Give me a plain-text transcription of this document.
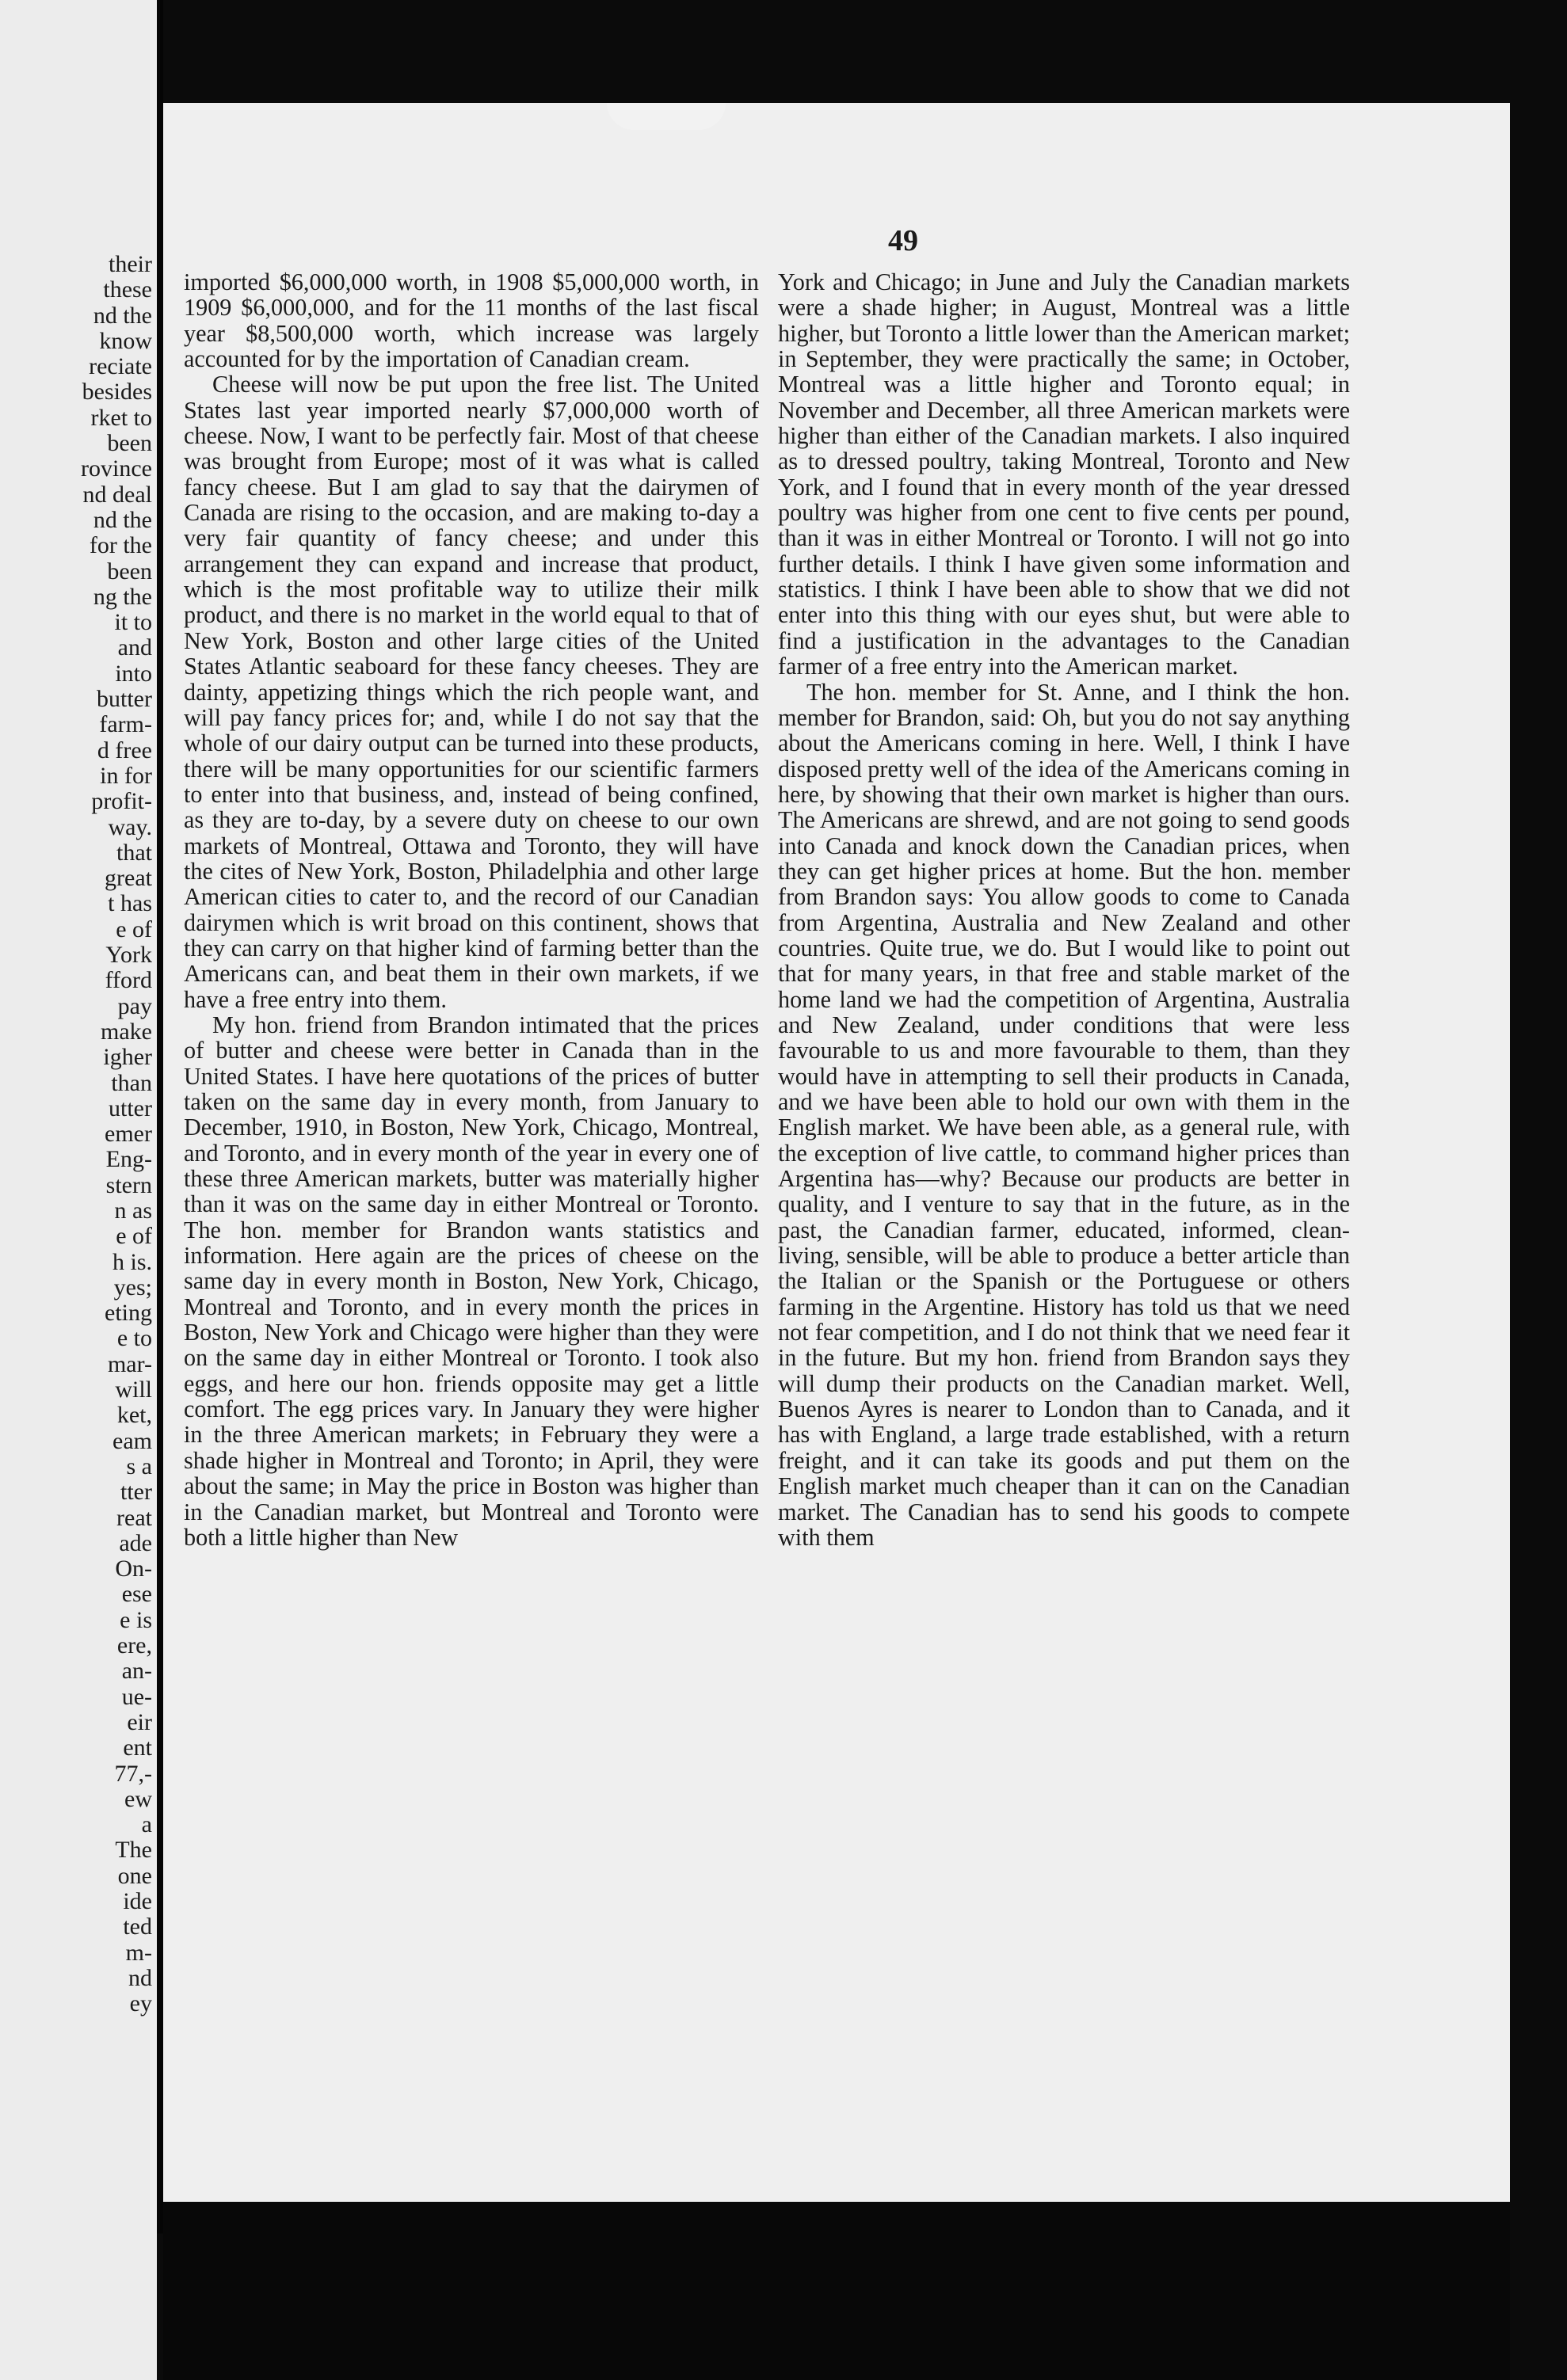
their
these
nd the
know
reciate
besides
rket to
been
rovince
nd deal
nd the
for the
been
ng the
it to
and
into
butter
farm-
d free
in for
profit-
way.
that
great
t has
e of
York
fford
pay
make
igher
than
utter
emer
Eng-
stern
n as
e of
h is.
yes;
eting
e to
mar-
will
ket,
eam
s a
tter
reat
ade
On-
ese
e is
ere,
an-
ue-
eir
ent
77,-
ew
a
The
one
ide
ted
m-
nd
ey
49

imported $6,000,000 worth, in 1908 $5,000,000 worth, in 1909 $6,000,000, and for the 11 months of the last fiscal year $8,500,000 worth, which increase was largely accounted for by the importation of Canadian cream.

Cheese will now be put upon the free list. The United States last year imported nearly $7,000,000 worth of cheese. Now, I want to be perfectly fair. Most of that cheese was brought from Europe; most of it was what is called fancy cheese. But I am glad to say that the dairymen of Canada are rising to the occasion, and are making to-day a very fair quantity of fancy cheese; and under this arrangement they can expand and increase that product, which is the most profitable way to utilize their milk product, and there is no market in the world equal to that of New York, Boston and other large cities of the United States Atlantic seaboard for these fancy cheeses. They are dainty, appetizing things which the rich people want, and will pay fancy prices for; and, while I do not say that the whole of our dairy output can be turned into these products, there will be many opportunities for our scientific farmers to enter into that business, and, instead of being confined, as they are to-day, by a severe duty on cheese to our own markets of Montreal, Ottawa and Toronto, they will have the cites of New York, Boston, Philadelphia and other large American cities to cater to, and the record of our Canadian dairymen which is writ broad on this continent, shows that they can carry on that higher kind of farming better than the Americans can, and beat them in their own markets, if we have a free entry into them.

My hon. friend from Brandon intimated that the prices of butter and cheese were better in Canada than in the United States. I have here quotations of the prices of butter taken on the same day in every month, from January to December, 1910, in Boston, New York, Chicago, Montreal, and Toronto, and in every month of the year in every one of these three American markets, butter was materially higher than it was on the same day in either Montreal or Toronto. The hon. member for Brandon wants statistics and information. Here again are the prices of cheese on the same day in every month in Boston, New York, Chicago, Montreal and Toronto, and in every month the prices in Boston, New York and Chicago were higher than they were on the same day in either Montreal or Toronto. I took also eggs, and here our hon. friends opposite may get a little comfort. The egg prices vary. In January they were higher in the three American markets; in February they were a shade higher in Montreal and Toronto; in April, they were about the same; in May the price in Boston was higher than in the Canadian market, but Montreal and Toronto were both a little higher than New

York and Chicago; in June and July the Canadian markets were a shade higher; in August, Montreal was a little higher, but Toronto a little lower than the American market; in September, they were practically the same; in October, Montreal was a little higher and Toronto equal; in November and December, all three American markets were higher than either of the Canadian markets. I also inquired as to dressed poultry, taking Montreal, Toronto and New York, and I found that in every month of the year dressed poultry was higher from one cent to five cents per pound, than it was in either Montreal or Toronto. I will not go into further details. I think I have given some information and statistics. I think I have been able to show that we did not enter into this thing with our eyes shut, but were able to find a justification in the advantages to the Canadian farmer of a free entry into the American market.

The hon. member for St. Anne, and I think the hon. member for Brandon, said: Oh, but you do not say anything about the Americans coming in here. Well, I think I have disposed pretty well of the idea of the Americans coming in here, by showing that their own market is higher than ours. The Americans are shrewd, and are not going to send goods into Canada and knock down the Canadian prices, when they can get higher prices at home. But the hon. member from Brandon says: You allow goods to come to Canada from Argentina, Australia and New Zealand and other countries. Quite true, we do. But I would like to point out that for many years, in that free and stable market of the home land we had the competition of Argentina, Australia and New Zealand, under conditions that were less favourable to us and more favourable to them, than they would have in attempting to sell their products in Canada, and we have been able to hold our own with them in the English market. We have been able, as a general rule, with the exception of live cattle, to command higher prices than Argentina has—why? Because our products are better in quality, and I venture to say that in the future, as in the past, the Canadian farmer, educated, informed, clean-living, sensible, will be able to produce a better article than the Italian or the Spanish or the Portuguese or others farming in the Argentine. History has told us that we need not fear competition, and I do not think that we need fear it in the future. But my hon. friend from Brandon says they will dump their products on the Canadian market. Well, Buenos Ayres is nearer to London than to Canada, and it has with England, a large trade established, with a return freight, and it can take its goods and put them on the English market much cheaper than it can on the Canadian market. The Canadian has to send his goods to compete with them
